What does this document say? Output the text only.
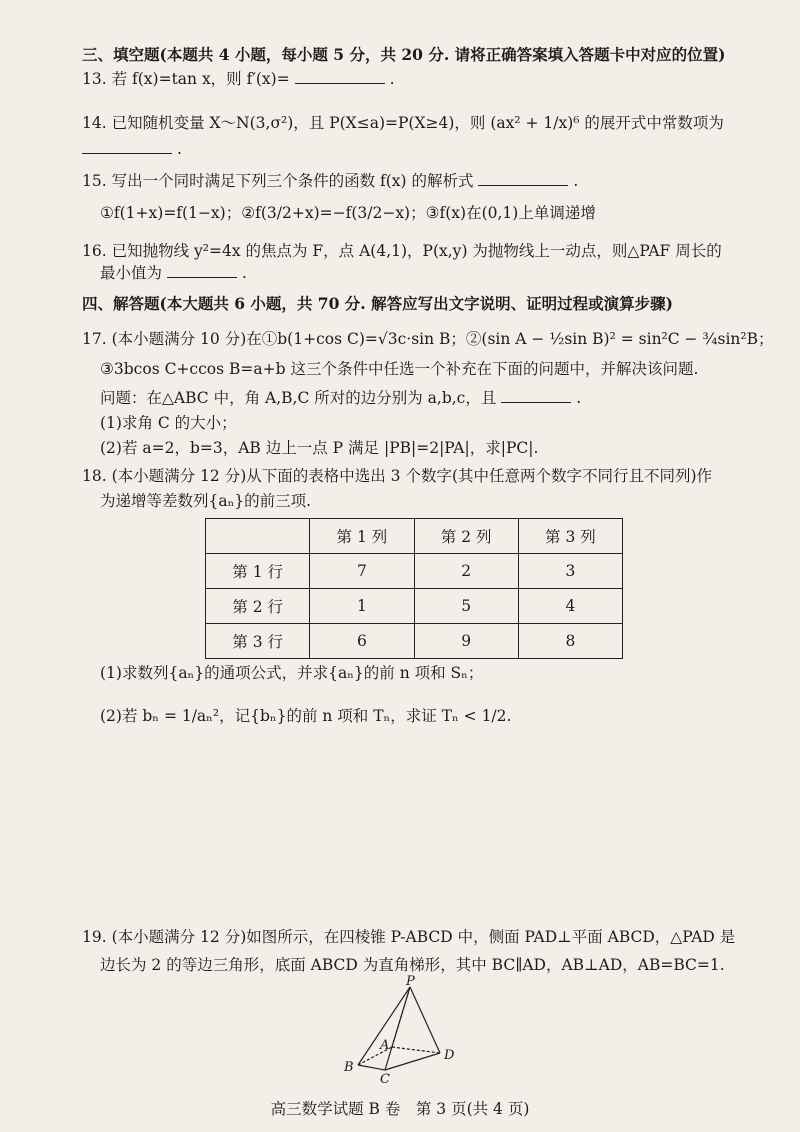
三、填空题(本题共 4 小题，每小题 5 分，共 20 分. 请将正确答案填入答题卡中对应的位置)
13. 若 f(x)=tan x，则 f′(x)=	.
14. 已知随机变量 X～N(3,σ²)，且 P(X≤a)=P(X≥4)，则 (ax² + 1/x)⁶ 的展开式中常数项为
.
15. 写出一个同时满足下列三个条件的函数 f(x) 的解析式	.
①f(1+x)=f(1−x)；②f(3/2+x)=−f(3/2−x)；③f(x)在(0,1)上单调递增
16. 已知抛物线 y²=4x 的焦点为 F，点 A(4,1)，P(x,y) 为抛物线上一动点，则△PAF 周长的
最小值为	.
四、解答题(本大题共 6 小题，共 70 分. 解答应写出文字说明、证明过程或演算步骤)
17. (本小题满分 10 分)在①b(1+cos C)=√3c·sin B；②(sin A − ½sin B)² = sin²C − ¾sin²B；
③3bcos C+ccos B=a+b 这三个条件中任选一个补充在下面的问题中，并解决该问题.
问题：在△ABC 中，角 A,B,C 所对的边分别为 a,b,c，且	.
(1)求角 C 的大小；
(2)若 a=2，b=3，AB 边上一点 P 满足 |PB|=2|PA|，求|PC|.
18. (本小题满分 12 分)从下面的表格中选出 3 个数字(其中任意两个数字不同行且不同列)作
为递增等差数列{aₙ}的前三项.
	第 1 列	第 2 列	第 3 列
第 1 行	7	2	3
第 2 行	1	5	4
第 3 行	6	9	8
(1)求数列{aₙ}的通项公式，并求{aₙ}的前 n 项和 Sₙ；
(2)若 bₙ = 1/aₙ²，记{bₙ}的前 n 项和 Tₙ，求证 Tₙ < 1/2.
19. (本小题满分 12 分)如图所示，在四棱锥 P-ABCD 中，侧面 PAD⊥平面 ABCD，△PAD 是
边长为 2 的等边三角形，底面 ABCD 为直角梯形，其中 BC∥AD，AB⊥AD，AB=BC=1.
P
A
B
C
D
高三数学试题 B 卷　第 3 页(共 4 页)
